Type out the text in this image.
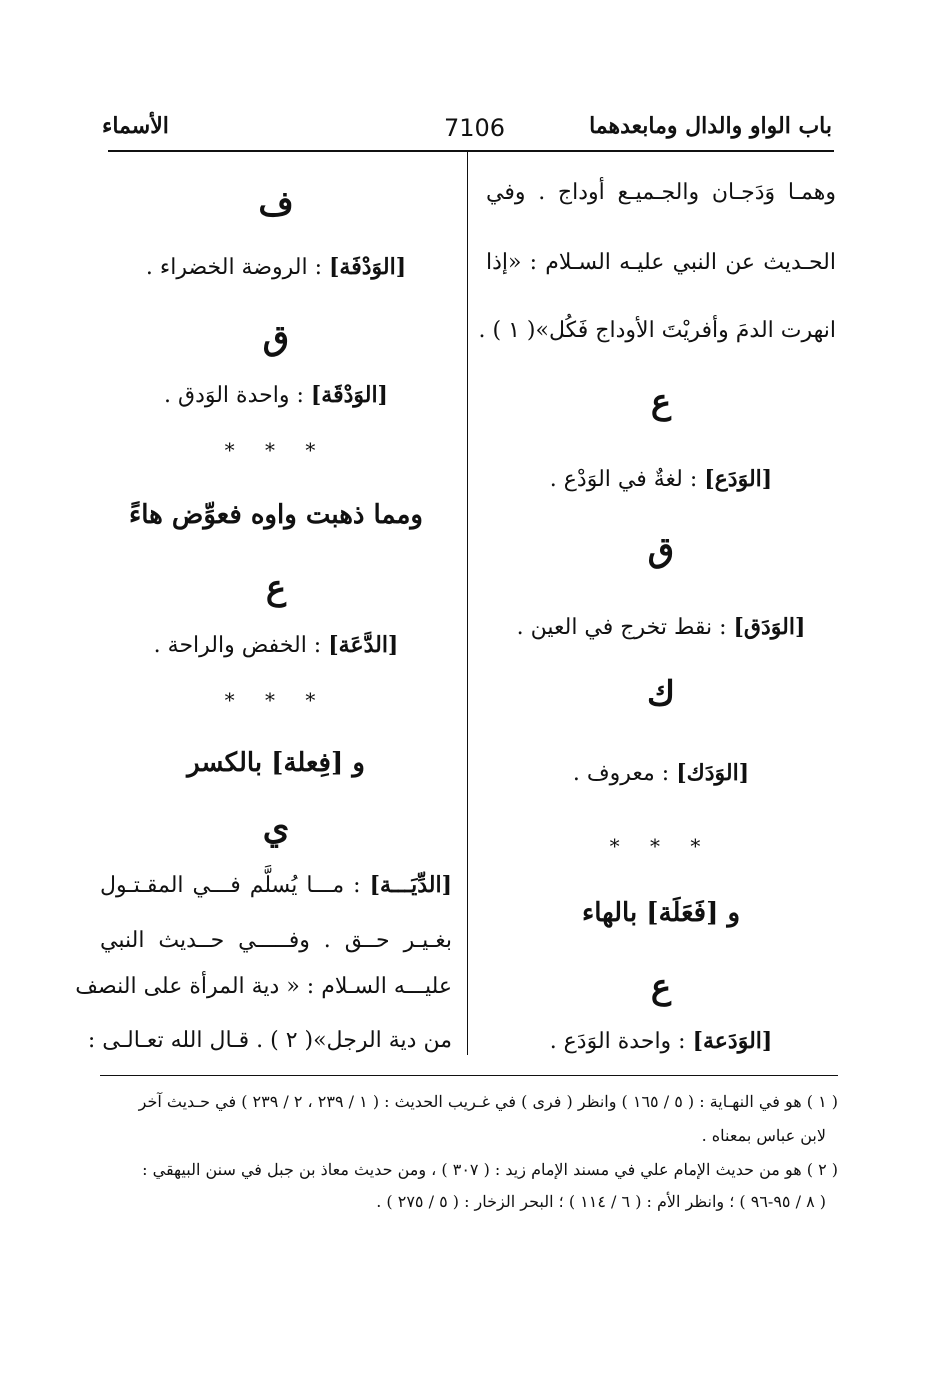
باب الواو والدال ومابعدهما
7106
الأسماء
وهمـا وَدَجـان والجـميـع أوداج . وفي
الحـديث عن النبي عليـه السـلام : «إذا
انهرت الدمَ وأفريْتَ الأوداج فَكُل»( ١ ) .
ع
[الوَدَع] : لغةٌ في الوَدْع .
ق
[الوَدَق] : نقط تخرج في العين .
ك
[الوَدَك] : معروف .
* * *
و [فَعَلَة] بالهاء
ع
[الوَدَعة] : واحدة الوَدَع .
ف
[الوَدْفَة] : الروضة الخضراء .
ق
[الوَدْقَة] : واحدة الوَدق .
* * *
ومما ذهبت واوه فعوِّض هاءً
ع
[الدَّعَة] : الخفض والراحة .
* * *
و [فِعلة] بالكسر
ي
[الدِّيَـــة] : مـــا يُسلَّم فـــي المقـتـول
بغـيـر حــق . وفـــــي حــديث النبي
عليـــه السـلام : « دية المرأة على النصف
من دية الرجل»( ٢ ) . قـال الله تعـالـى :
( ١ ) هو في النهـاية : ( ٥ / ١٦٥ ) وانظر ( فرى ) في غـريب الحديث : ( ١ / ٢٣٩ ، ٢ / ٢٣٩ ) في حـديث آخر
لابن عباس بمعناه .
( ٢ ) هو من حديث الإمام علي في مسند الإمام زيد : ( ٣٠٧ ) ، ومن حديث معاذ بن جبل في سنن البيهقي :
( ٨ / ٩٥-٩٦ ) ؛ وانظر الأم : ( ٦ / ١١٤ ) ؛ البحر الزخار : ( ٥ / ٢٧٥ ) .
